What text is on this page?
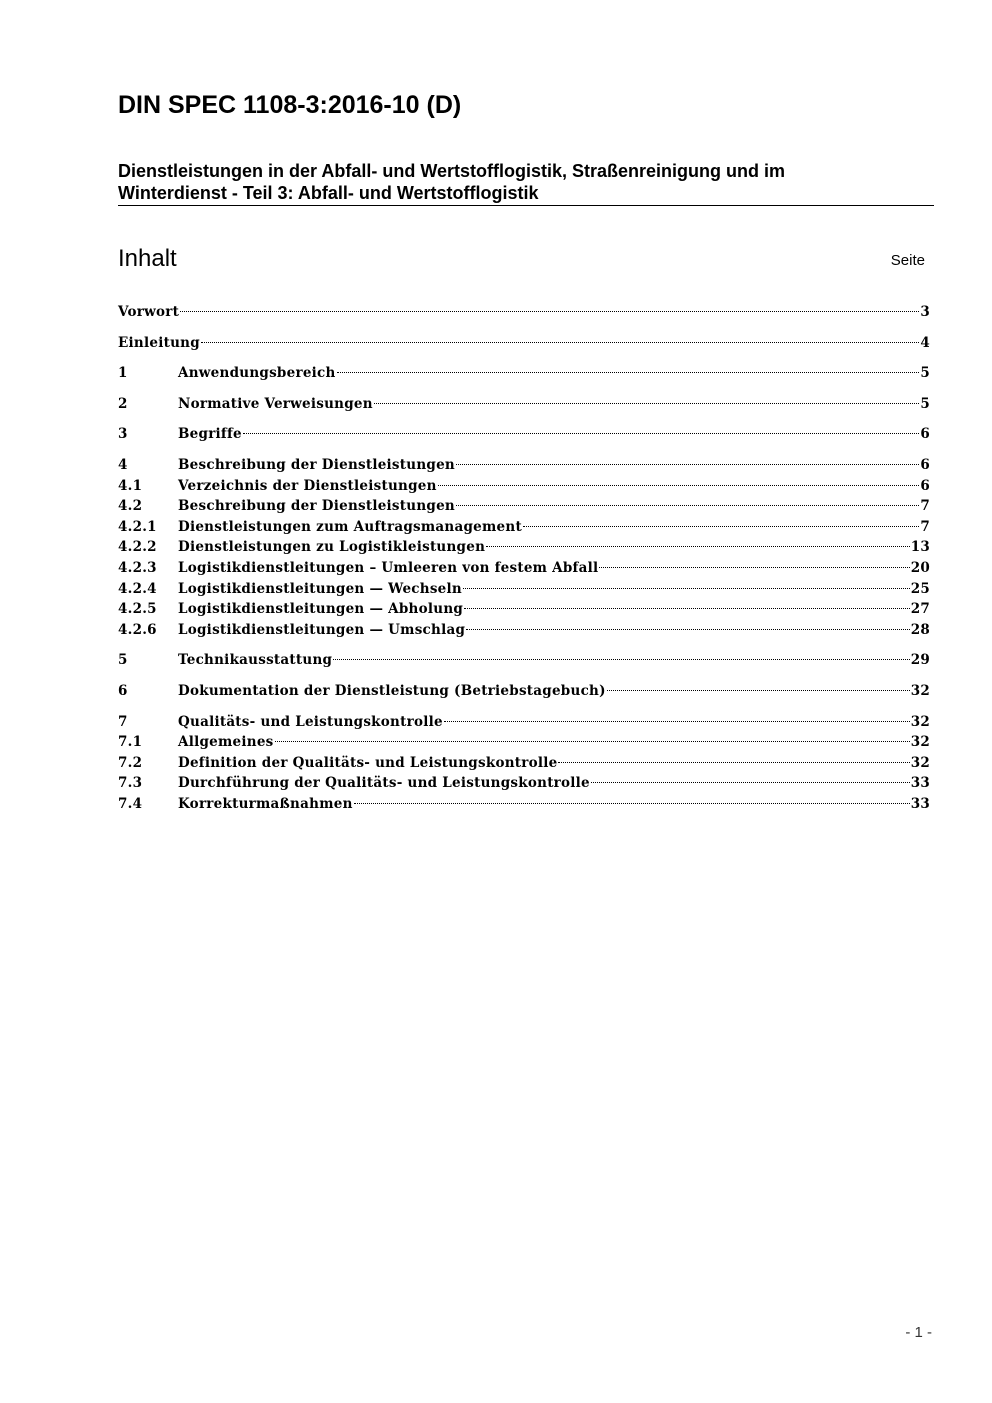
DIN SPEC 1108-3:2016-10 (D)
Dienstleistungen in der Abfall- und Wertstofflogistik, Straßenreinigung und im
Winterdienst - Teil 3: Abfall- und Wertstofflogistik
Inhalt	Seite
Vorwort	3
Einleitung	4
1	Anwendungsbereich	5
2	Normative Verweisungen	5
3	Begriffe	6
4	Beschreibung der Dienstleistungen	6
4.1	Verzeichnis der Dienstleistungen	6
4.2	Beschreibung der Dienstleistungen	7
4.2.1	Dienstleistungen zum Auftragsmanagement	7
4.2.2	Dienstleistungen zu Logistikleistungen	13
4.2.3	Logistikdienstleitungen – Umleeren von festem Abfall	20
4.2.4	Logistikdienstleitungen — Wechseln	25
4.2.5	Logistikdienstleitungen — Abholung	27
4.2.6	Logistikdienstleitungen — Umschlag	28
5	Technikausstattung	29
6	Dokumentation der Dienstleistung (Betriebstagebuch)	32
7	Qualitäts- und Leistungskontrolle	32
7.1	Allgemeines	32
7.2	Definition der Qualitäts- und Leistungskontrolle	32
7.3	Durchführung der Qualitäts- und Leistungskontrolle	33
7.4	Korrekturmaßnahmen	33
- 1 -
